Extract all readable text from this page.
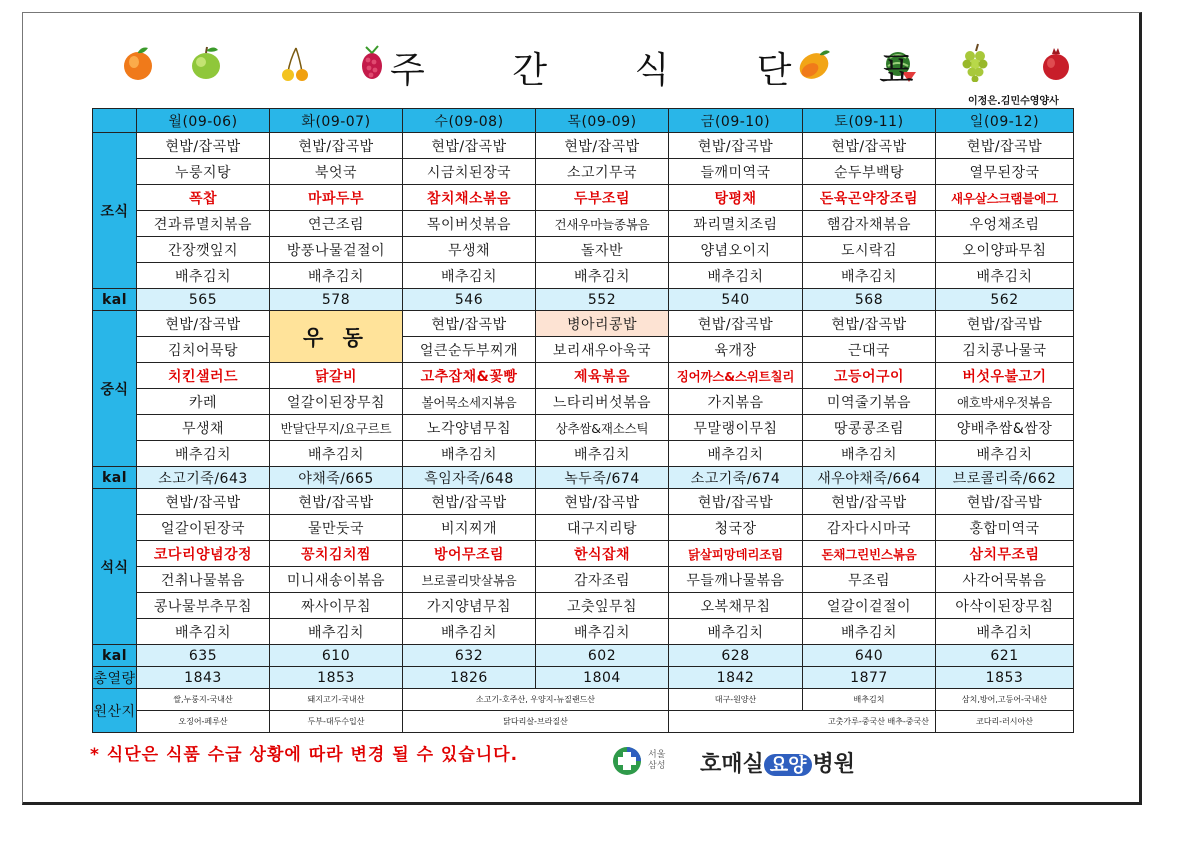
주 간 식 단 표
이정은.김민수영양사
	월(09-06)	화(09-07)	수(09-08)	목(09-09)	금(09-10)	토(09-11)	일(09-12)
조식	현밥/잡곡밥	현밥/잡곡밥	현밥/잡곡밥	현밥/잡곡밥	현밥/잡곡밥	현밥/잡곡밥	현밥/잡곡밥
	누룽지탕	북엇국	시금치된장국	소고기무국	들깨미역국	순두부백탕	열무된장국
	폭찹	마파두부	참치채소볶음	두부조림	탕평채	돈육곤약장조림	새우살스크램블에그
	견과류멸치볶음	연근조림	목이버섯볶음	건새우마늘종볶음	꽈리멸치조림	햄감자채볶음	우엉채조림
	간장깻잎지	방풍나물겉절이	무생채	돌자반	양념오이지	도시락김	오이양파무침
	배추김치	배추김치	배추김치	배추김치	배추김치	배추김치	배추김치
kal	565	578	546	552	540	568	562
중식	현밥/잡곡밥	우 동	현밥/잡곡밥	병아리콩밥	현밥/잡곡밥	현밥/잡곡밥	현밥/잡곡밥
	김치어묵탕		얼큰순두부찌개	보리새우아욱국	육개장	근대국	김치콩나물국
	치킨샐러드	닭갈비	고추잡채&꽃빵	제육볶음	징어까스&스위트칠리	고등어구이	버섯우불고기
	카레	얼갈이된장무침	볼어묵소세지볶음	느타리버섯볶음	가지볶음	미역줄기볶음	애호박새우젓볶음
	무생채	반달단무지/요구르트	노각양념무침	상추쌈&재소스틱	무말랭이무침	땅콩콩조림	양배추쌈&쌈장
	배추김치	배추김치	배추김치	배추김치	배추김치	배추김치	배추김치
kal	소고기죽/643	야채죽/665	흑임자죽/648	녹두죽/674	소고기죽/674	새우야채죽/664	브로콜리죽/662
석식	현밥/잡곡밥	현밥/잡곡밥	현밥/잡곡밥	현밥/잡곡밥	현밥/잡곡밥	현밥/잡곡밥	현밥/잡곡밥
	얼갈이된장국	물만둣국	비지찌개	대구지리탕	청국장	감자다시마국	홍합미역국
	코다리양념강정	꽁치김치찜	방어무조림	한식잡채	닭살피망데리조림	돈채그린빈스볶음	삼치무조림
	건취나물볶음	미니새송이볶음	브로콜리맛살볶음	감자조림	무들깨나물볶음	무조림	사각어묵볶음
	콩나물부추무침	짜사이무침	가지양념무침	고춧잎무침	오복채무침	얼갈이겉절이	아삭이된장무침
	배추김치	배추김치	배추김치	배추김치	배추김치	배추김치	배추김치
kal	635	610	632	602	628	640	621
총열량	1843	1853	1826	1804	1842	1877	1853
원산지	쌀,누룽지-국내산	돼지고기-국내산	소고기-호주산, 우양지-뉴질랜드산		대구-원양산	배추김치	삼치,방어,고등어-국내산
	오징어-페루산	두부-대두수입산	닭다리살-브라질산		고춧가루-중국산 배추-중국산		코다리-러시아산
* 식단은 식품 수급 상황에 따라 변경 될 수 있습니다.	서울 삼성 호매실 요양 병원
